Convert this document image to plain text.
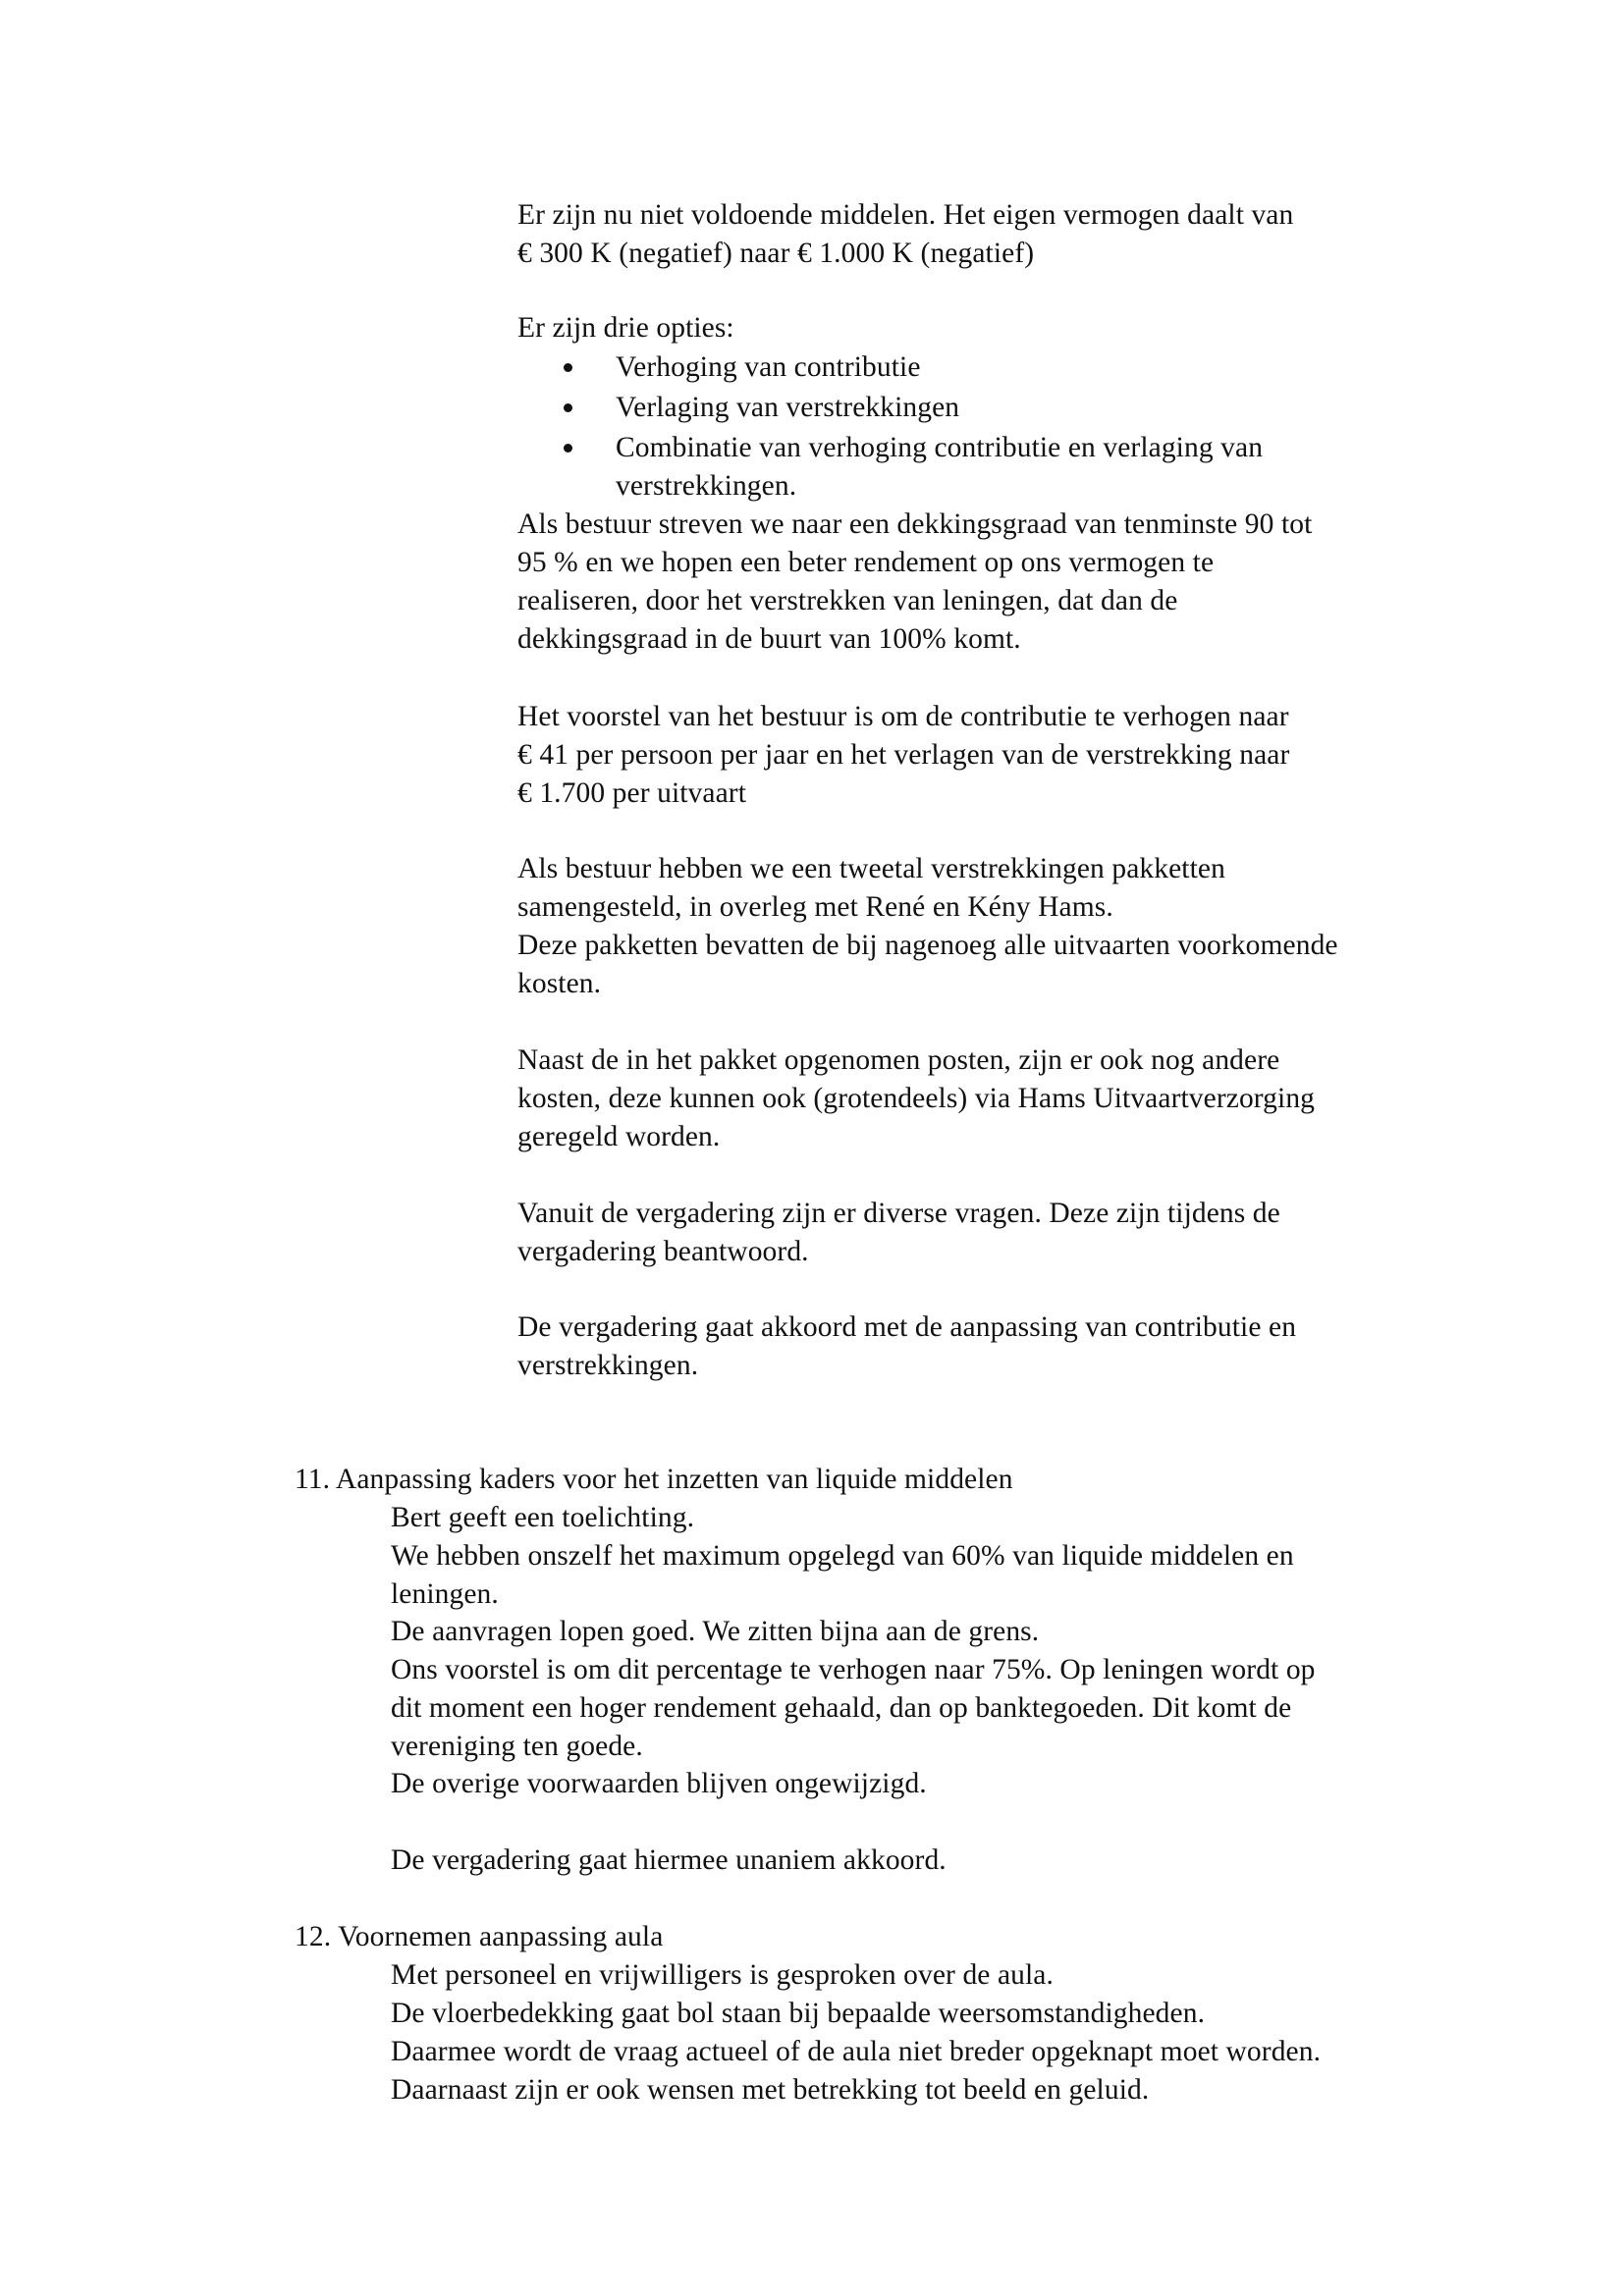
Er zijn nu niet voldoende middelen. Het eigen vermogen daalt van
€ 300 K (negatief) naar € 1.000 K (negatief)
Er zijn drie opties:
Verhoging van contributie
Verlaging van verstrekkingen
Combinatie van verhoging contributie en verlaging van
verstrekkingen.
Als bestuur streven we naar een dekkingsgraad van tenminste 90 tot
95 % en we hopen een beter rendement op ons vermogen te
realiseren, door het verstrekken van leningen, dat dan de
dekkingsgraad in de buurt van 100% komt.
Het voorstel van het bestuur is om de contributie te verhogen naar
€ 41 per persoon per jaar en het verlagen van de verstrekking naar
€ 1.700 per uitvaart
Als bestuur hebben we een tweetal verstrekkingen pakketten
samengesteld, in overleg met René en Kény Hams.
Deze pakketten bevatten de bij nagenoeg alle uitvaarten voorkomende
kosten.
Naast de in het pakket opgenomen posten, zijn er ook nog andere
kosten, deze kunnen ook (grotendeels) via Hams Uitvaartverzorging
geregeld worden.
Vanuit de vergadering zijn er diverse vragen. Deze zijn tijdens de
vergadering beantwoord.
De vergadering gaat akkoord met de aanpassing van contributie en
verstrekkingen.
11. Aanpassing kaders voor het inzetten van liquide middelen
Bert geeft een toelichting.
We hebben onszelf het maximum opgelegd van 60% van liquide middelen en
leningen.
De aanvragen lopen goed. We zitten bijna aan de grens.
Ons voorstel is om dit percentage te verhogen naar 75%. Op leningen wordt op
dit moment een hoger rendement gehaald, dan op banktegoeden. Dit komt de
vereniging ten goede.
De overige voorwaarden blijven ongewijzigd.
De vergadering gaat hiermee unaniem akkoord.
12. Voornemen aanpassing aula
Met personeel en vrijwilligers is gesproken over de aula.
De vloerbedekking gaat bol staan bij bepaalde weersomstandigheden.
Daarmee wordt de vraag actueel of de aula niet breder opgeknapt moet worden.
Daarnaast zijn er ook wensen met betrekking tot beeld en geluid.
